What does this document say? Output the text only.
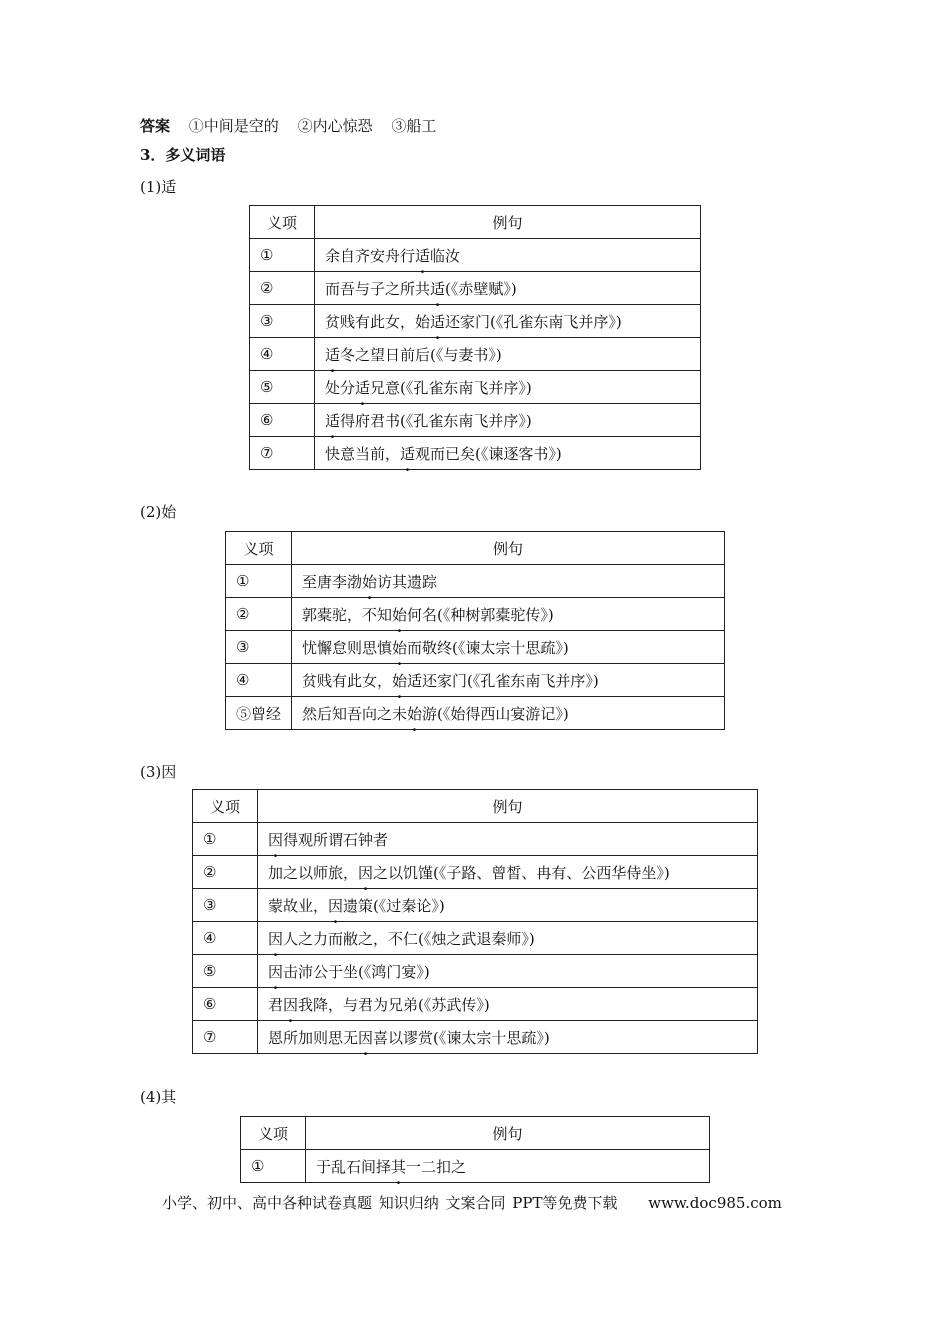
答案 ①中间是空的 ②内心惊恐 ③船工
3．多义词语
(1)适
义项	例句
①	余自齐安舟行适临汝
②	而吾与子之所共适(《赤壁赋》)
③	贫贱有此女，始适还家门(《孔雀东南飞并序》)
④	适冬之望日前后(《与妻书》)
⑤	处分适兄意(《孔雀东南飞并序》)
⑥	适得府君书(《孔雀东南飞并序》)
⑦	快意当前，适观而已矣(《谏逐客书》)
(2)始
义项	例句
①	至唐李渤始访其遗踪
②	郭橐驼，不知始何名(《种树郭橐驼传》)
③	忧懈怠则思慎始而敬终(《谏太宗十思疏》)
④	贫贱有此女，始适还家门(《孔雀东南飞并序》)
⑤曾经	然后知吾向之未始游(《始得西山宴游记》)
(3)因
义项	例句
①	因得观所谓石钟者
②	加之以师旅，因之以饥馑(《子路、曾皙、冉有、公西华侍坐》)
③	蒙故业，因遗策(《过秦论》)
④	因人之力而敝之，不仁(《烛之武退秦师》)
⑤	因击沛公于坐(《鸿门宴》)
⑥	君因我降，与君为兄弟(《苏武传》)
⑦	恩所加则思无因喜以谬赏(《谏太宗十思疏》)
(4)其
义项	例句
①	于乱石间择其一二扣之
小学、初中、高中各种试卷真题 知识归纳 文案合同 PPT等免费下载 www.doc985.com
